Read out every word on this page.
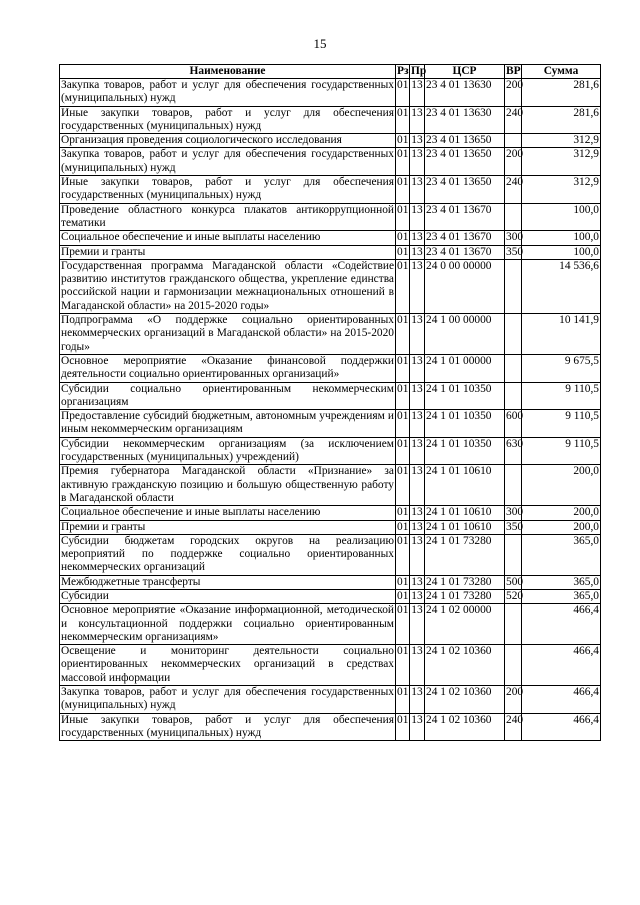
15
Наименование	Рз	Пр	ЦСР	ВР	Сумма
Закупка товаров, работ и услуг для обеспечения государственных (муниципальных) нужд	01	13	23 4 01 13630	200	281,6
Иные закупки товаров, работ и услуг для обеспечения государственных (муниципальных) нужд	01	13	23 4 01 13630	240	281,6
Организация проведения социологического исследования	01	13	23 4 01 13650		312,9
Закупка товаров, работ и услуг для обеспечения государственных (муниципальных) нужд	01	13	23 4 01 13650	200	312,9
Иные закупки товаров, работ и услуг для обеспечения государственных (муниципальных) нужд	01	13	23 4 01 13650	240	312,9
Проведение областного конкурса плакатов антикоррупционной тематики	01	13	23 4 01 13670		100,0
Социальное обеспечение и иные выплаты населению	01	13	23 4 01 13670	300	100,0
Премии и гранты	01	13	23 4 01 13670	350	100,0
Государственная программа Магаданской области «Содействие развитию институтов гражданского общества, укрепление единства российской нации и гармонизации межнациональных отношений в Магаданской области» на 2015-2020 годы»	01	13	24 0 00 00000		14 536,6
Подпрограмма «О поддержке социально ориентированных некоммерческих организаций в Магаданской области» на 2015-2020 годы»	01	13	24 1 00 00000		10 141,9
Основное мероприятие «Оказание финансовой поддержки деятельности социально ориентированных организаций»	01	13	24 1 01 00000		9 675,5
Субсидии социально ориентированным некоммерческим организациям	01	13	24 1 01 10350		9 110,5
Предоставление субсидий бюджетным, автономным учреждениям и иным некоммерческим организациям	01	13	24 1 01 10350	600	9 110,5
Субсидии некоммерческим организациям (за исключением государственных (муниципальных) учреждений)	01	13	24 1 01 10350	630	9 110,5
Премия губернатора Магаданской области «Признание» за активную гражданскую позицию и большую общественную работу в Магаданской области	01	13	24 1 01 10610		200,0
Социальное обеспечение и иные выплаты населению	01	13	24 1 01 10610	300	200,0
Премии и гранты	01	13	24 1 01 10610	350	200,0
Субсидии бюджетам городских округов на реализацию мероприятий по поддержке социально ориентированных некоммерческих организаций	01	13	24 1 01 73280		365,0
Межбюджетные трансферты	01	13	24 1 01 73280	500	365,0
Субсидии	01	13	24 1 01 73280	520	365,0
Основное мероприятие «Оказание информационной, методической и консультационной поддержки социально ориентированным некоммерческим организациям»	01	13	24 1 02 00000		466,4
Освещение и мониторинг деятельности социально ориентированных некоммерческих организаций в средствах массовой информации	01	13	24 1 02 10360		466,4
Закупка товаров, работ и услуг для обеспечения государственных (муниципальных) нужд	01	13	24 1 02 10360	200	466,4
Иные закупки товаров, работ и услуг для обеспечения государственных (муниципальных) нужд	01	13	24 1 02 10360	240	466,4
